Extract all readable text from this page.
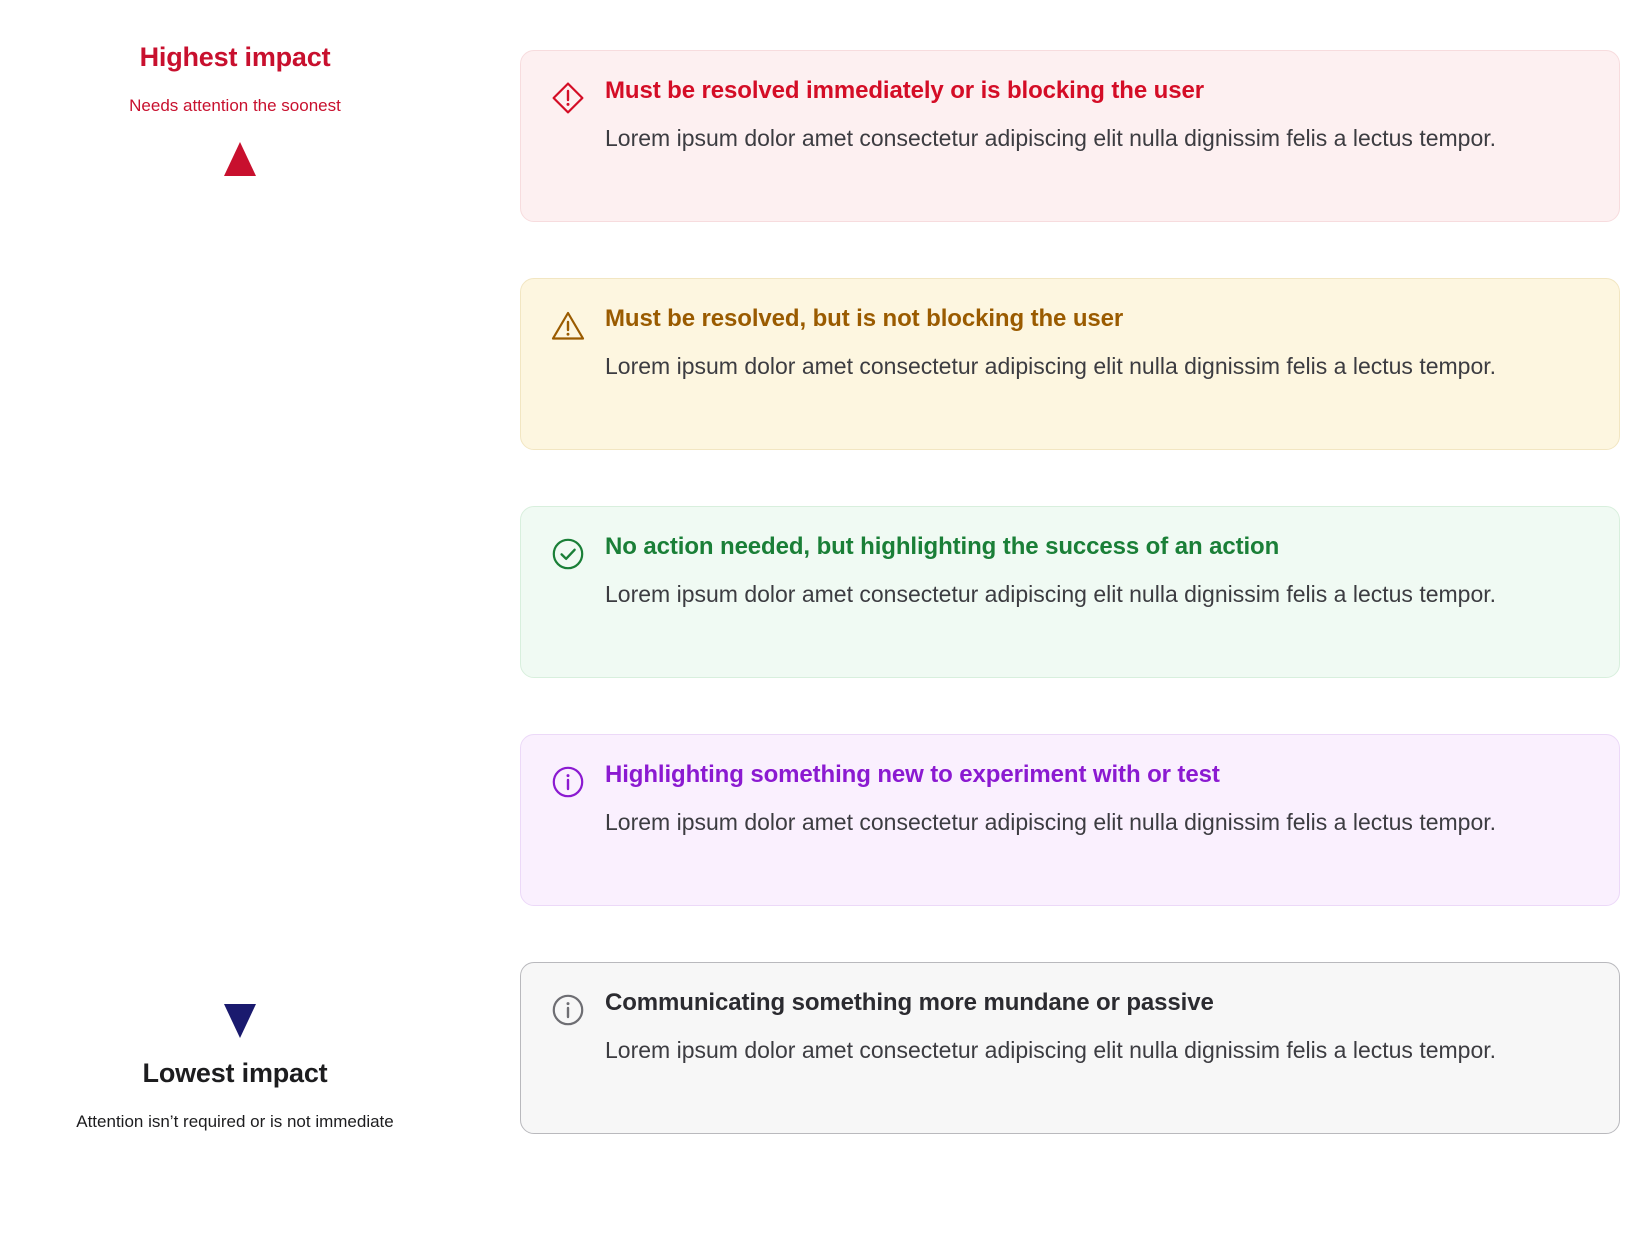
Highest impact
Needs attention the soonest
Lowest impact
Attention isn’t required or is not immediate

Must be resolved immediately or is blocking the user

Lorem ipsum dolor amet consectetur adipiscing elit nulla dignissim felis a lectus tempor.

Must be resolved, but is not blocking the user

Lorem ipsum dolor amet consectetur adipiscing elit nulla dignissim felis a lectus tempor.

No action needed, but highlighting the success of an action

Lorem ipsum dolor amet consectetur adipiscing elit nulla dignissim felis a lectus tempor.

Highlighting something new to experiment with or test

Lorem ipsum dolor amet consectetur adipiscing elit nulla dignissim felis a lectus tempor.

Communicating something more mundane or passive

Lorem ipsum dolor amet consectetur adipiscing elit nulla dignissim felis a lectus tempor.
